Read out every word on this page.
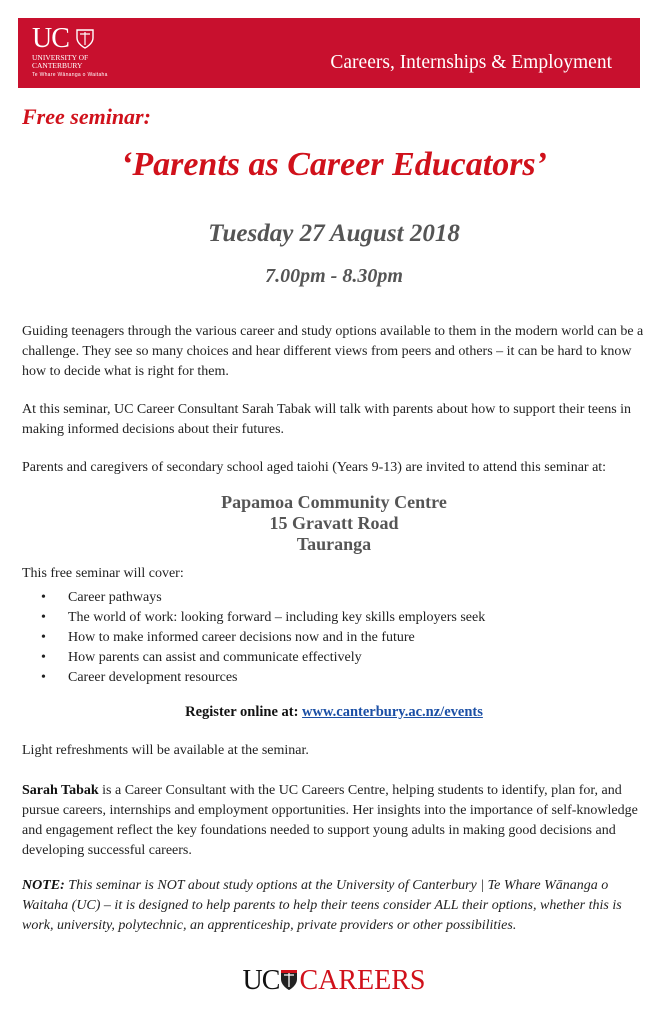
UC
UNIVERSITY OF
CANTERBURY
Te Whare Wānanga o Waitaha
Careers, Internships & Employment
Free seminar:
‘Parents as Career Educators’
Tuesday 27 August 2018
7.00pm - 8.30pm
Guiding teenagers through the various career and study options available to them in the modern world can be a challenge. They see so many choices and hear different views from peers and others – it can be hard to know how to decide what is right for them.
At this seminar, UC Career Consultant Sarah Tabak will talk with parents about how to support their teens in making informed decisions about their futures.
Parents and caregivers of secondary school aged taiohi (Years 9-13) are invited to attend this seminar at:
Papamoa Community Centre
15 Gravatt Road
Tauranga
This free seminar will cover:
• Career pathways
• The world of work: looking forward – including key skills employers seek
• How to make informed career decisions now and in the future
• How parents can assist and communicate effectively
• Career development resources
Register online at: www.canterbury.ac.nz/events
Light refreshments will be available at the seminar.
Sarah Tabak is a Career Consultant with the UC Careers Centre, helping students to identify, plan for, and pursue careers, internships and employment opportunities. Her insights into the importance of self-knowledge and engagement reflect the key foundations needed to support young adults in making good decisions and developing successful careers.
NOTE: This seminar is NOT about study options at the University of Canterbury | Te Whare Wānanga o Waitaha (UC) – it is designed to help parents to help their teens consider ALL their options, whether this is work, university, polytechnic, an apprenticeship, private providers or other possibilities.
UC CAREERS
